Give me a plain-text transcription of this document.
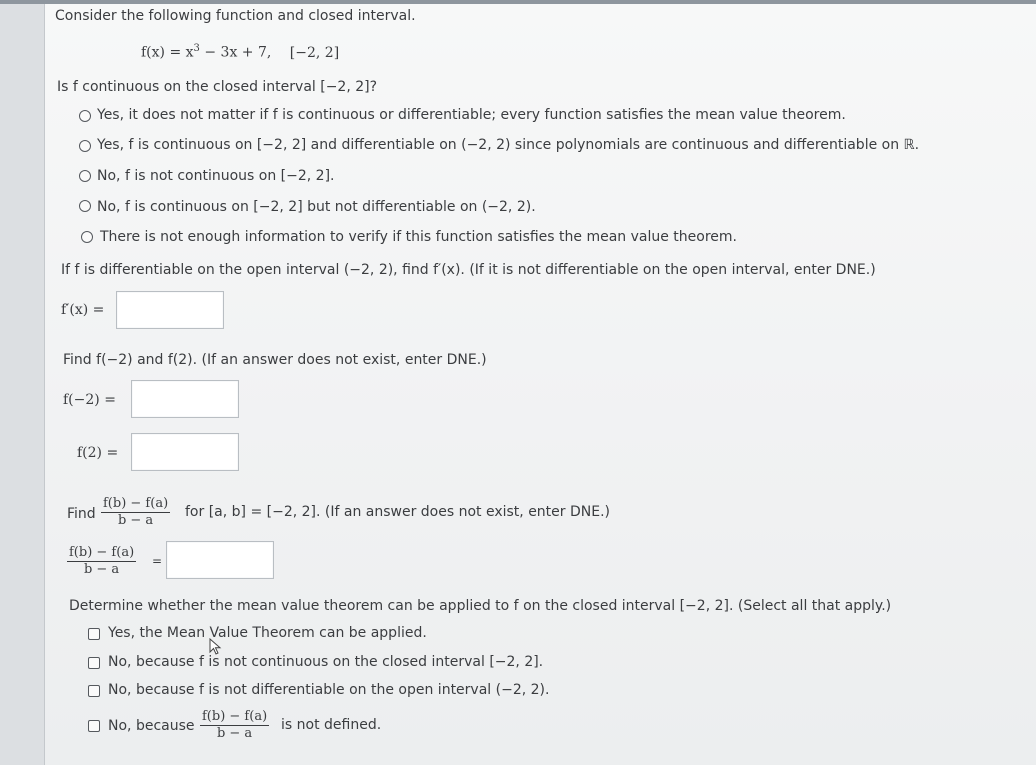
Consider the following function and closed interval.
$f(x) = x^3 - 3x + 7$, [−2, 2]
Is f continuous on the closed interval [−2, 2]?
Yes, it does not matter if f is continuous or differentiable; every function satisfies the mean value theorem.
Yes, f is continuous on [−2, 2] and differentiable on (−2, 2) since polynomials are continuous and differentiable on ℝ.
No, f is not continuous on [−2, 2].
No, f is continuous on [−2, 2] but not differentiable on (−2, 2).
There is not enough information to verify if this function satisfies the mean value theorem.
If f is differentiable on the open interval (−2, 2), find f′(x). (If it is not differentiable on the open interval, enter DNE.)
f′(x) =
Find f(−2) and f(2). (If an answer does not exist, enter DNE.)
f(−2) =
f(2) =
Find $\frac{f(b) - f(a)}{b - a}$ for [a, b] = [−2, 2]. (If an answer does not exist, enter DNE.)
$\frac{f(b) - f(a)}{b - a}$ =
Determine whether the mean value theorem can be applied to f on the closed interval [−2, 2]. (Select all that apply.)
Yes, the Mean Value Theorem can be applied.
No, because f is not continuous on the closed interval [−2, 2].
No, because f is not differentiable on the open interval (−2, 2).
No, because $\frac{f(b) - f(a)}{b - a}$ is not defined.
